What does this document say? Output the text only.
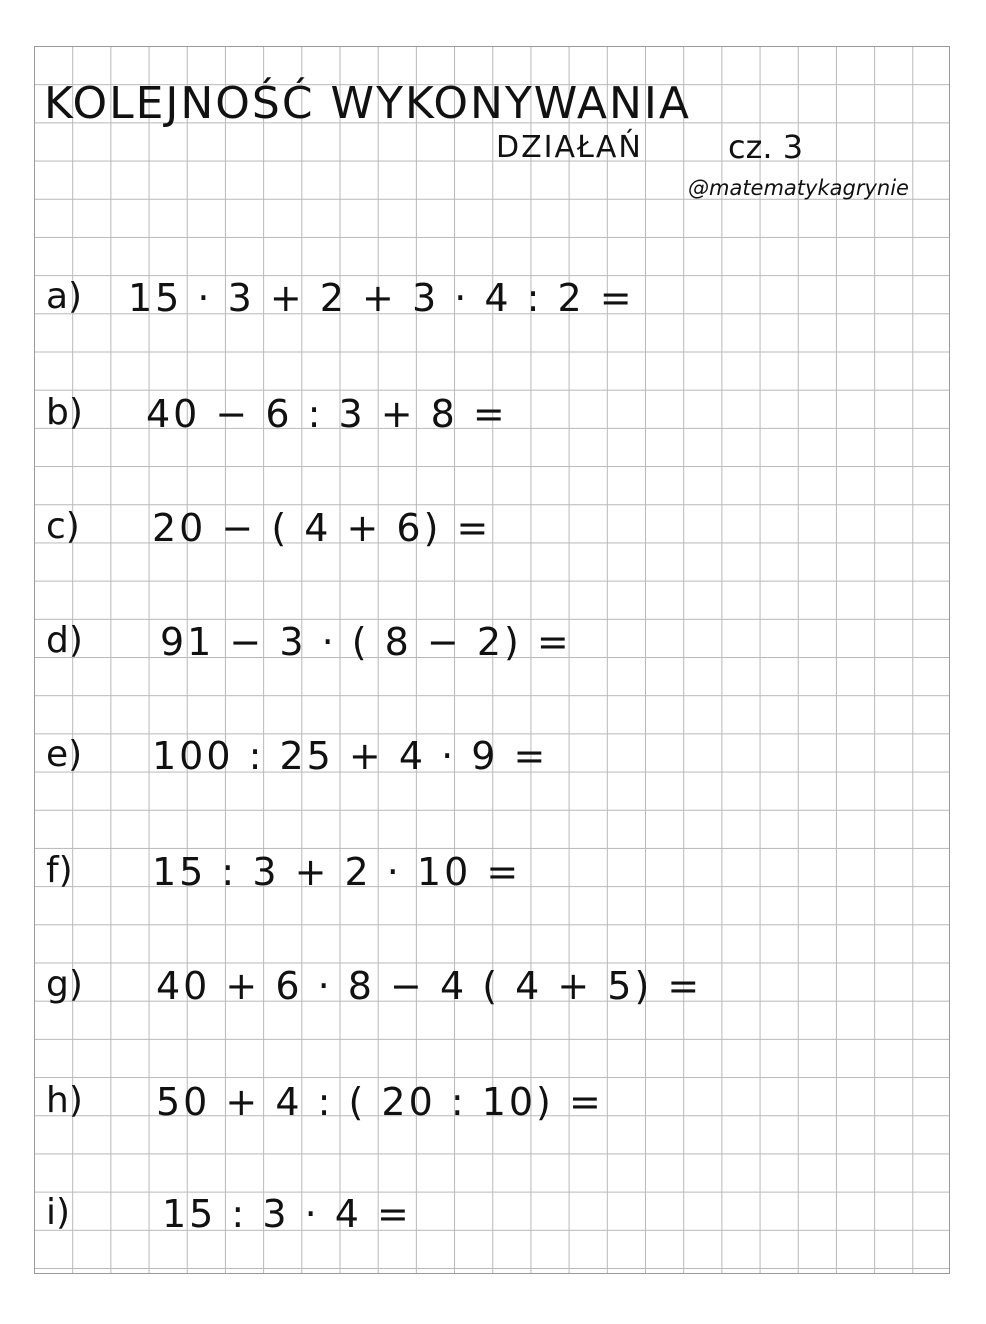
KOLEJNOŚĆ WYKONYWANIA
DZIAŁAŃ	cz. 3
@matematykagrynie
a) 15 · 3 + 2 + 3 · 4 : 2 =
b) 40 − 6 : 3 + 8 =
c) 20 − ( 4 + 6) =
d) 91 − 3 · ( 8 − 2) =
e) 100 : 25 + 4 · 9 =
f) 15 : 3 + 2 · 10 =
g) 40 + 6 · 8 − 4 ( 4 + 5) =
h) 50 + 4 : ( 20 : 10) =
i) 15 : 3 · 4 =
